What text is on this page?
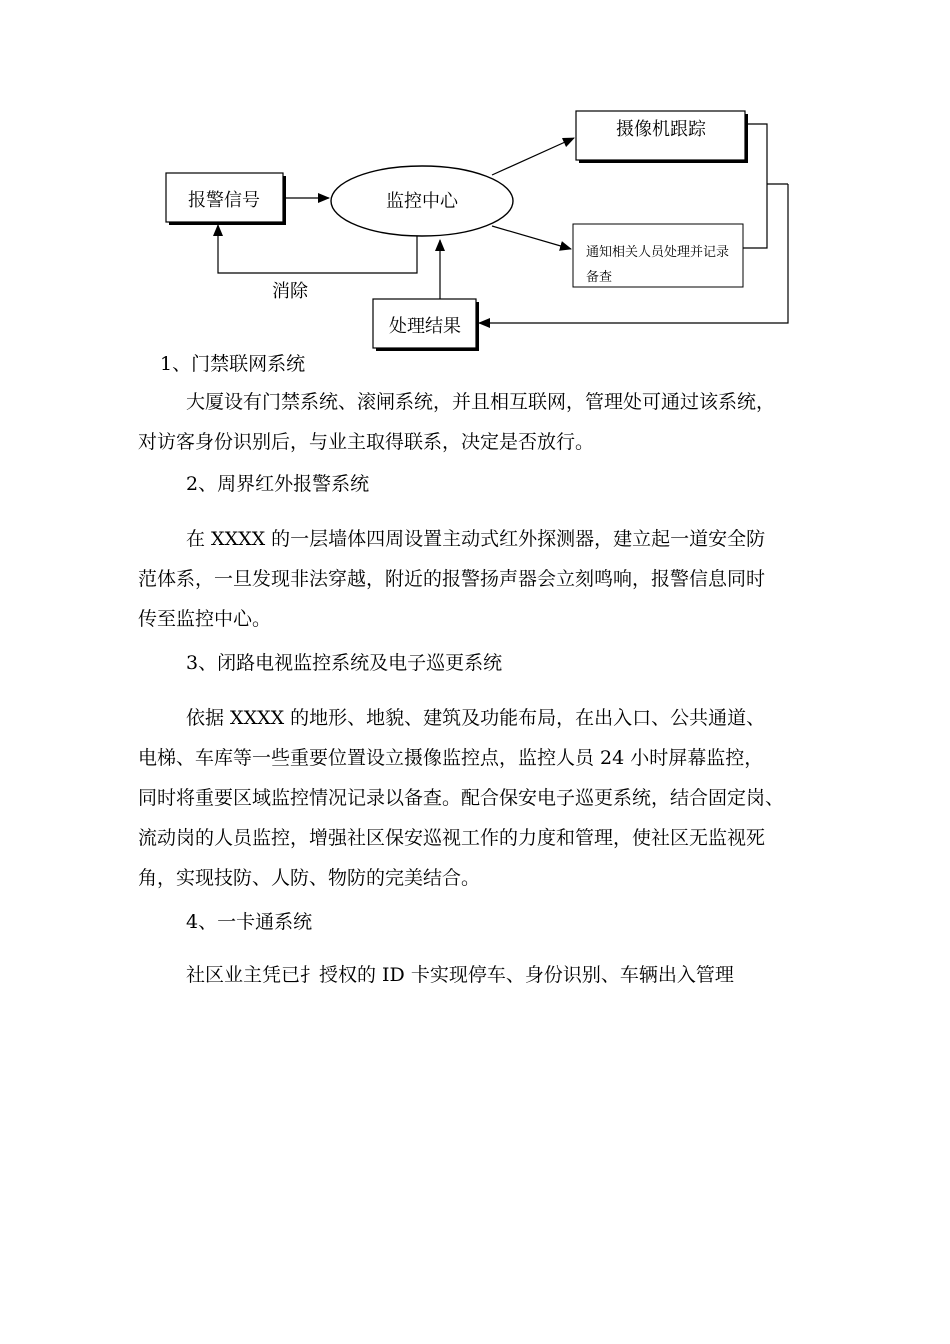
报警信号	监控中心
摄像机跟踪
通知相关人员处理并记录
备查
消除
处理结果
1、门禁联网系统
大厦设有门禁系统、滚闸系统，并且相互联网，管理处可通过该系统，
对访客身份识别后，与业主取得联系，决定是否放行。
2、周界红外报警系统
在 XXXX 的一层墙体四周设置主动式红外探测器，建立起一道安全防
范体系，一旦发现非法穿越，附近的报警扬声器会立刻鸣响，报警信息同时
传至监控中心。
3、闭路电视监控系统及电子巡更系统
依据 XXXX 的地形、地貌、建筑及功能布局，在出入口、公共通道、
电梯、车库等一些重要位置设立摄像监控点，监控人员 24 小时屏幕监控，
同时将重要区域监控情况记录以备查。配合保安电子巡更系统，结合固定岗、
流动岗的人员监控，增强社区保安巡视工作的力度和管理，使社区无监视死
角，实现技防、人防、物防的完美结合。
4、一卡通系统
社区业主凭已扌授权的 ID 卡实现停车、身份识别、车辆出入管理
